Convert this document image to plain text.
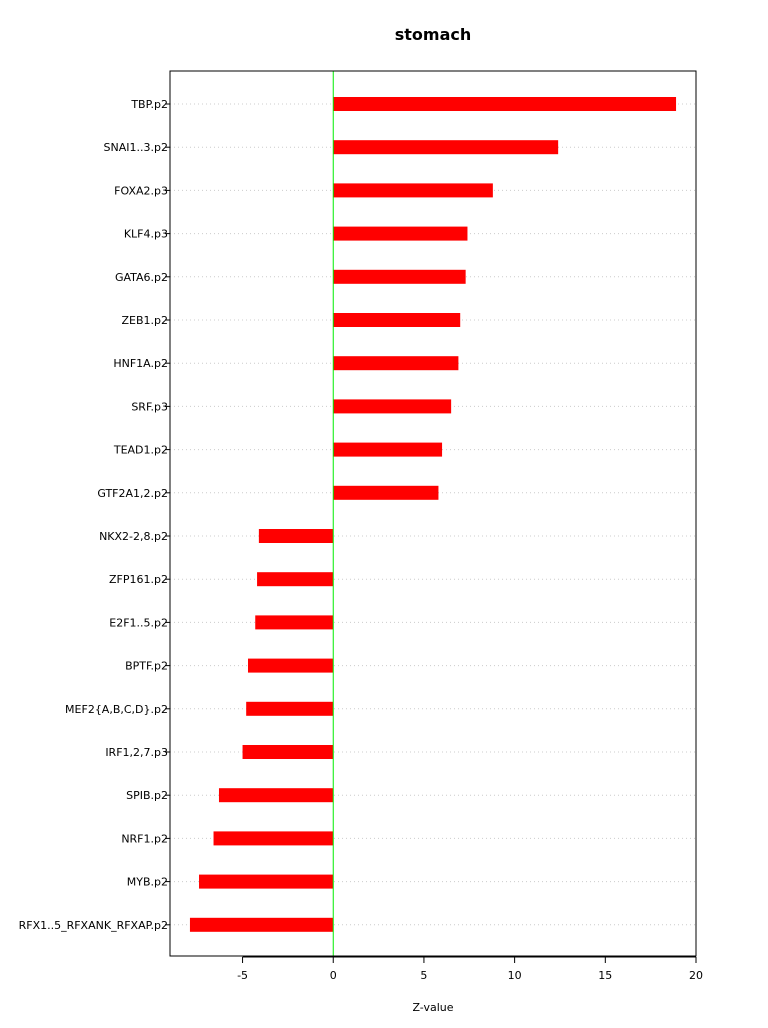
stomach
TBP.p2
SNAI1..3.p2
FOXA2.p3
KLF4.p3
GATA6.p2
ZEB1.p2
HNF1A.p2
SRF.p3
TEAD1.p2
GTF2A1,2.p2
NKX2-2,8.p2
ZFP161.p2
E2F1..5.p2
BPTF.p2
MEF2{A,B,C,D}.p2
IRF1,2,7.p3
SPIB.p2
NRF1.p2
MYB.p2
RFX1..5_RFXANK_RFXAP.p2
-5	0	5	10	15	20
Z-value
